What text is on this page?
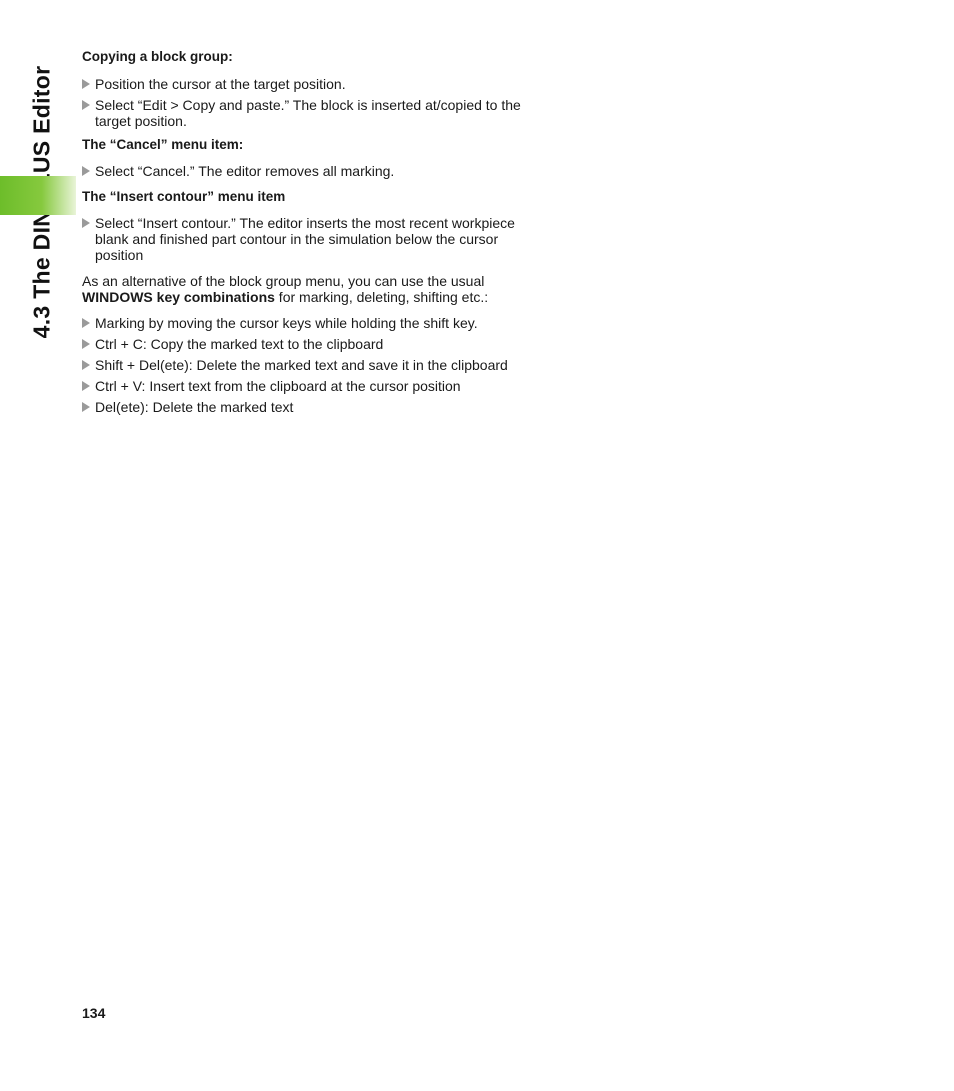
Copying a block group:

Position the cursor at the target position.
Select “Edit > Copy and paste.” The block is inserted at/copied to the target position.

The “Cancel” menu item:

Select “Cancel.” The editor removes all marking.

The “Insert contour” menu item

Select “Insert contour.” The editor inserts the most recent workpiece blank and finished part contour in the simulation below the cursor position

As an alternative of the block group menu, you can use the usual
WINDOWS key combinations for marking, deleting, shifting etc.:

Marking by moving the cursor keys while holding the shift key.
Ctrl + C: Copy the marked text to the clipboard
Shift + Del(ete): Delete the marked text and save it in the clipboard
Ctrl + V: Insert text from the clipboard at the cursor position
Del(ete): Delete the marked text
134
